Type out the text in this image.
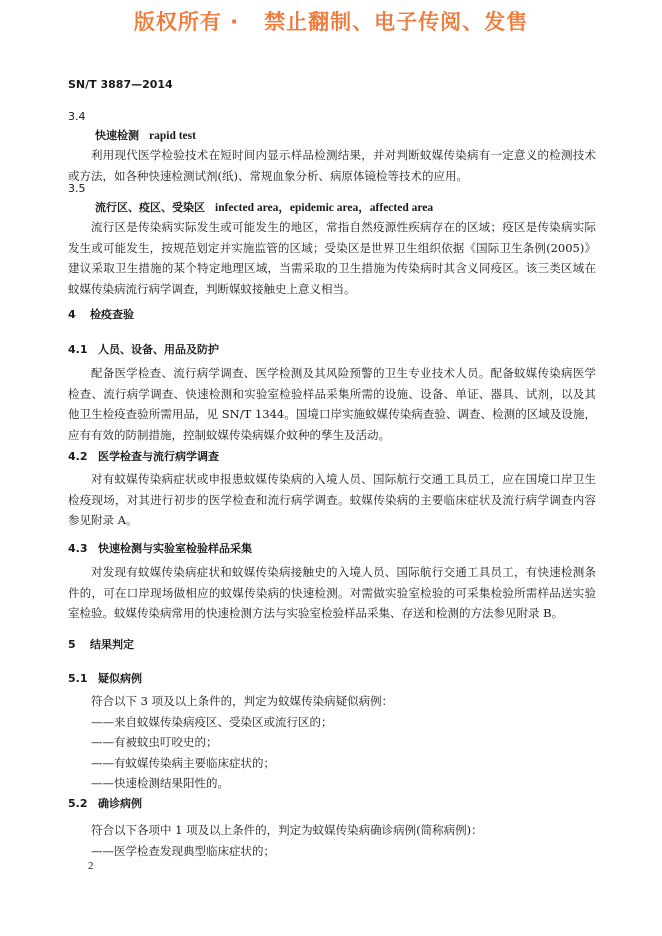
版权所有 ·   禁止翻制、电子传阅、发售
SN/T 3887—2014
3.4
快速检测 rapid test
利用现代医学检验技术在短时间内显示样品检测结果，并对判断蚊媒传染病有一定意义的检测技术或方法，如各种快速检测试剂(纸)、常规血象分析、病原体镜检等技术的应用。
3.5
流行区、疫区、受染区 infected area，epidemic area，affected area
流行区是传染病实际发生或可能发生的地区，常指自然疫源性疾病存在的区域；疫区是传染病实际发生或可能发生，按规范划定并实施监管的区域；受染区是世界卫生组织依据《国际卫生条例(2005)》建议采取卫生措施的某个特定地理区域，当需采取的卫生措施为传染病时其含义同疫区。该三类区域在蚊媒传染病流行病学调查，判断媒蚊接触史上意义相当。
4 检疫查验
4.1 人员、设备、用品及防护
配备医学检查、流行病学调查、医学检测及其风险预警的卫生专业技术人员。配备蚊媒传染病医学检查、流行病学调查、快速检测和实验室检验样品采集所需的设施、设备、单证、器具、试剂，以及其他卫生检疫查验所需用品，见 SN/T 1344。国境口岸实施蚊媒传染病查验、调查、检测的区域及设施，应有有效的防制措施，控制蚊媒传染病媒介蚊种的孳生及活动。
4.2 医学检查与流行病学调查
对有蚊媒传染病症状或申报患蚊媒传染病的入境人员、国际航行交通工具员工，应在国境口岸卫生检疫现场，对其进行初步的医学检查和流行病学调查。蚊媒传染病的主要临床症状及流行病学调查内容参见附录 A。
4.3 快速检测与实验室检验样品采集
对发现有蚊媒传染病症状和蚊媒传染病接触史的入境人员、国际航行交通工具员工，有快速检测条件的，可在口岸现场做相应的蚊媒传染病的快速检测。对需做实验室检验的可采集检验所需样品送实验室检验。蚊媒传染病常用的快速检测方法与实验室检验样品采集、存送和检测的方法参见附录 B。
5 结果判定
5.1 疑似病例
符合以下 3 项及以上条件的，判定为蚊媒传染病疑似病例：
——来自蚊媒传染病疫区、受染区或流行区的；
——有被蚊虫叮咬史的；
——有蚊媒传染病主要临床症状的；
——快速检测结果阳性的。
5.2 确诊病例
符合以下各项中 1 项及以上条件的，判定为蚊媒传染病确诊病例(简称病例)：
——医学检查发现典型临床症状的；
2
